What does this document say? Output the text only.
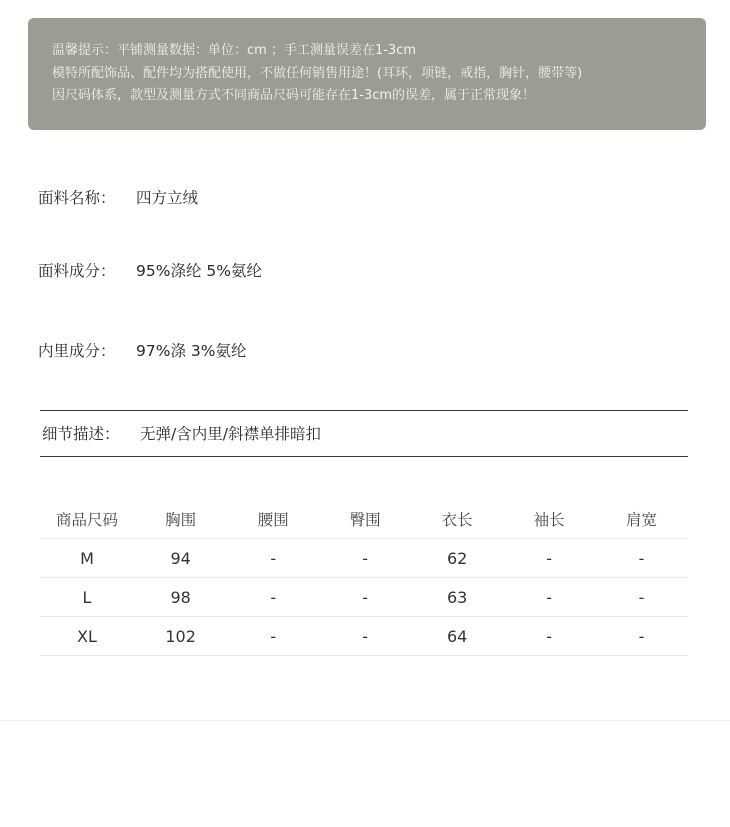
温馨提示：平铺测量数据：单位：cm ；手工测量误差在1-3cm
模特所配饰品、配件均为搭配使用，不做任何销售用途！(耳环，项链，戒指，胸针，腰带等)
因尺码体系，款型及测量方式不同商品尺码可能存在1-3cm的误差，属于正常现象！
面料名称： 四方立绒
面料成分： 95%涤纶 5%氨纶
内里成分： 97%涤 3%氨纶
细节描述： 无弹/含内里/斜襟单排暗扣
商品尺码	胸围	腰围	臀围	衣长	袖长	肩宽
M	94	-	-	62	-	-
L	98	-	-	63	-	-
XL	102	-	-	64	-	-
